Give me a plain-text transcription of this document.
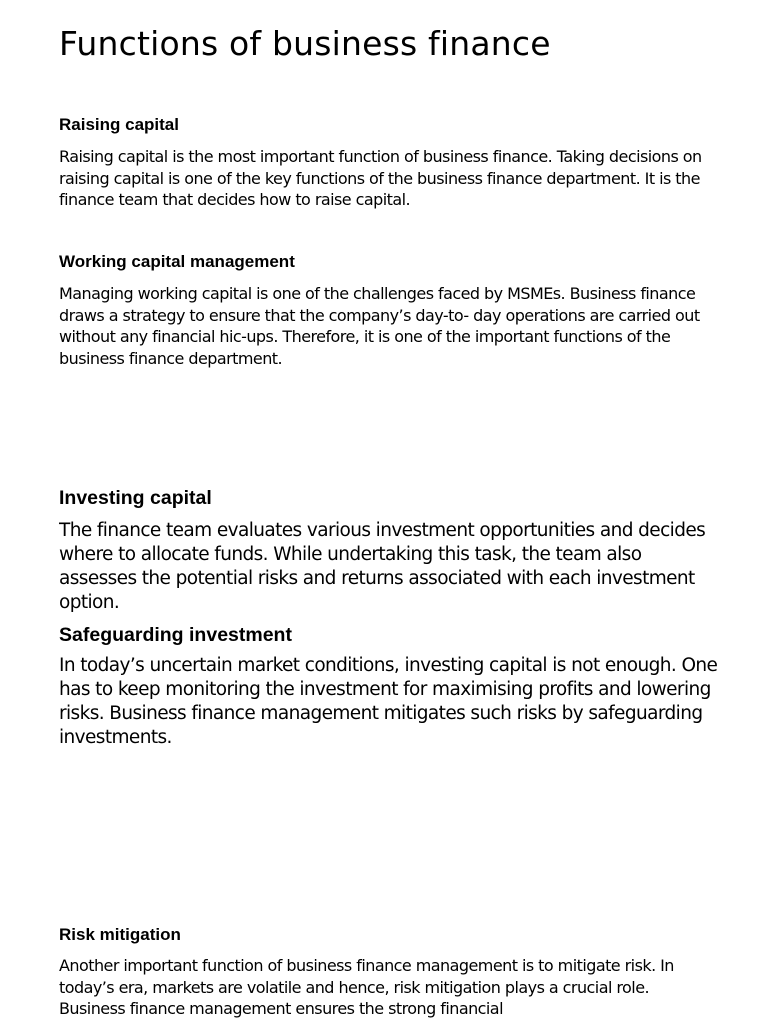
Functions of business finance
Raising capital

Raising capital is the most important function of business finance. Taking decisions on raising capital is one of the key functions of the business finance department. It is the finance team that decides how to raise capital.

Working capital management

Managing working capital is one of the challenges faced by MSMEs. Business finance draws a strategy to ensure that the company’s day-to- day operations are carried out without any financial hic-ups. Therefore, it is one of the important functions of the business finance department.

Investing capital

The finance team evaluates various investment opportunities and decides where to allocate funds. While undertaking this task, the team also assesses the potential risks and returns associated with each investment option.

Safeguarding investment

In today’s uncertain market conditions, investing capital is not enough. One has to keep monitoring the investment for maximising profits and lowering risks. Business finance management mitigates such risks by safeguarding investments.

Risk mitigation

Another important function of business finance management is to mitigate risk. In today’s era, markets are volatile and hence, risk mitigation plays a crucial role. Business finance management ensures the strong financial
